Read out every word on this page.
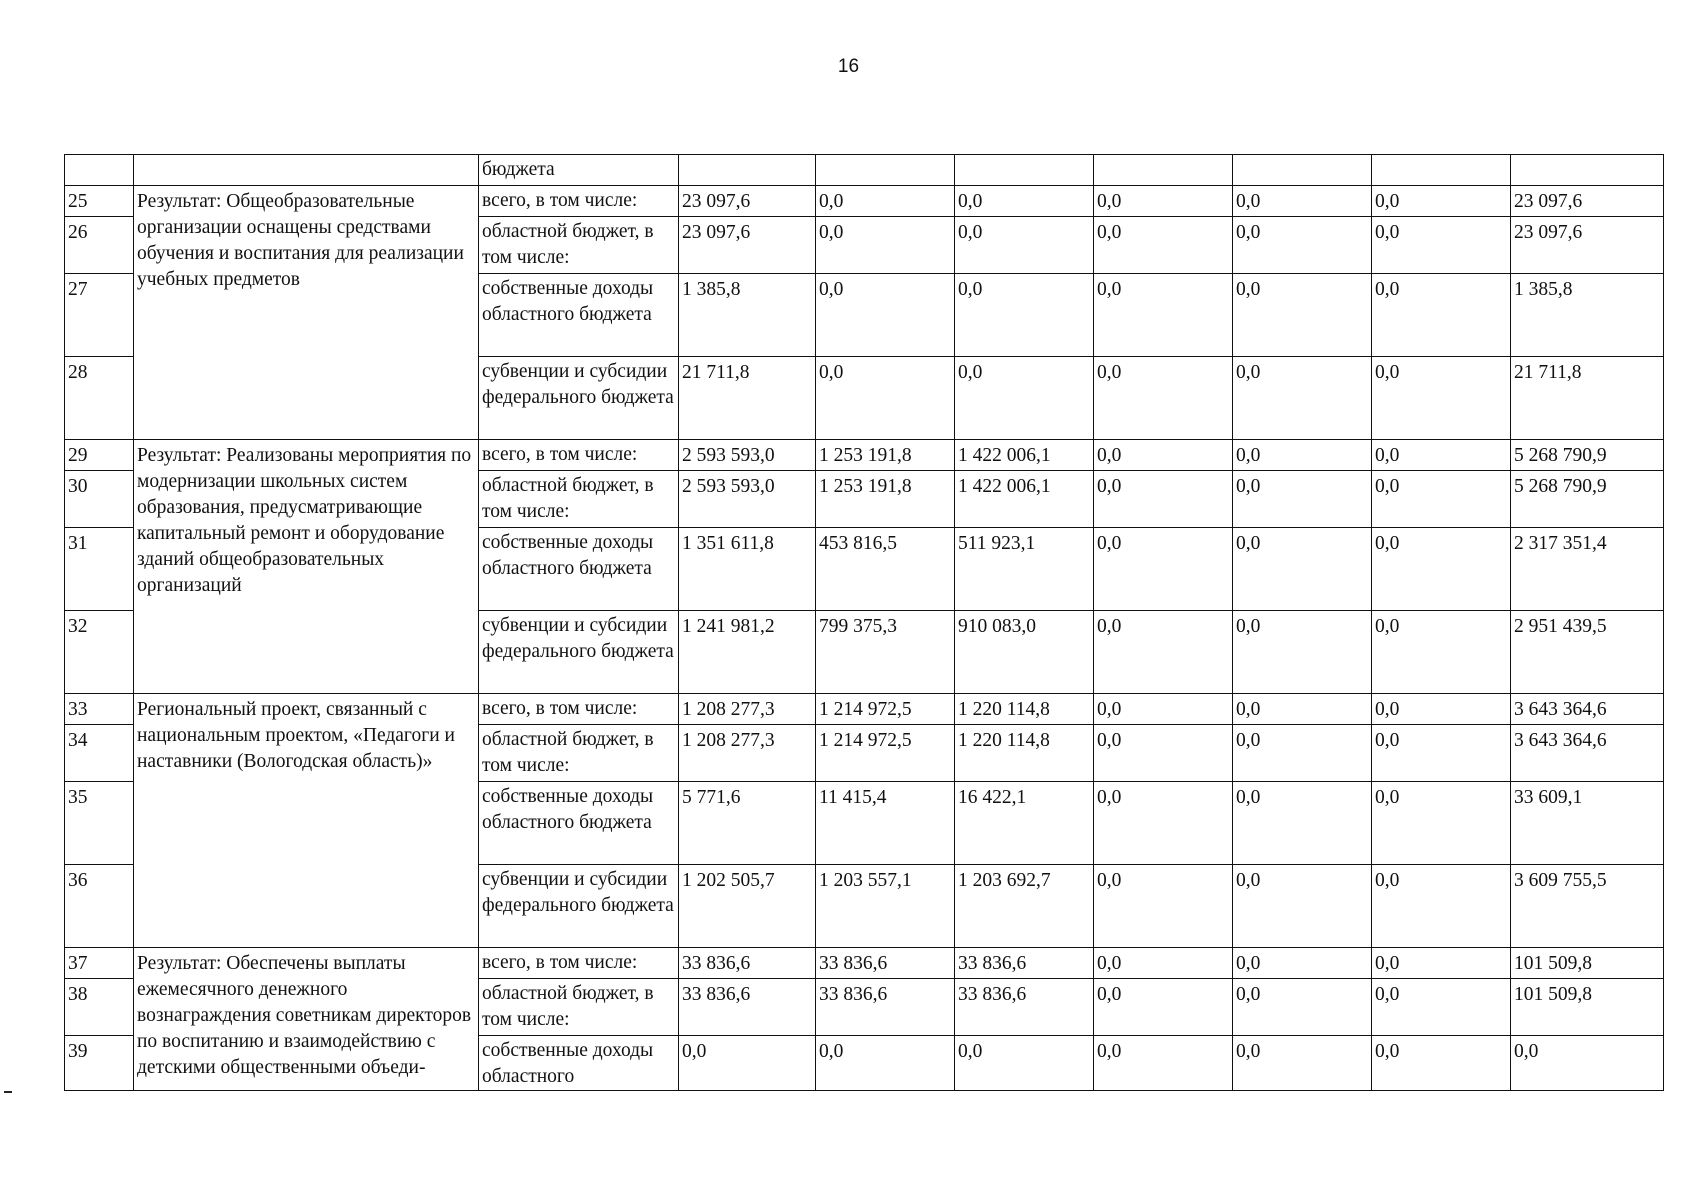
16
		бюджета							
25	Результат: Общеобразовательные организации оснащены средствами обучения и воспитания для реализации учебных предметов	всего, в том числе:	23 097,6	0,0	0,0	0,0	0,0	0,0	23 097,6
26		областной бюджет, в том числе:	23 097,6	0,0	0,0	0,0	0,0	0,0	23 097,6
27		собственные доходы областного бюджета	1 385,8	0,0	0,0	0,0	0,0	0,0	1 385,8
28		субвенции и субсидии федерального бюджета	21 711,8	0,0	0,0	0,0	0,0	0,0	21 711,8
29	Результат: Реализованы мероприятия по модернизации школьных систем образования, предусматривающие капитальный ремонт и оборудование зданий общеобразовательных организаций	всего, в том числе:	2 593 593,0	1 253 191,8	1 422 006,1	0,0	0,0	0,0	5 268 790,9
30		областной бюджет, в том числе:	2 593 593,0	1 253 191,8	1 422 006,1	0,0	0,0	0,0	5 268 790,9
31		собственные доходы областного бюджета	1 351 611,8	453 816,5	511 923,1	0,0	0,0	0,0	2 317 351,4
32		субвенции и субсидии федерального бюджета	1 241 981,2	799 375,3	910 083,0	0,0	0,0	0,0	2 951 439,5
33	Региональный проект, связанный с национальным проектом, «Педагоги и наставники (Вологодская область)»	всего, в том числе:	1 208 277,3	1 214 972,5	1 220 114,8	0,0	0,0	0,0	3 643 364,6
34		областной бюджет, в том числе:	1 208 277,3	1 214 972,5	1 220 114,8	0,0	0,0	0,0	3 643 364,6
35		собственные доходы областного бюджета	5 771,6	11 415,4	16 422,1	0,0	0,0	0,0	33 609,1
36		субвенции и субсидии федерального бюджета	1 202 505,7	1 203 557,1	1 203 692,7	0,0	0,0	0,0	3 609 755,5
37	Результат: Обеспечены выплаты ежемесячного денежного вознаграждения советникам директоров по воспитанию и взаимодействию с детскими общественными объеди-	всего, в том числе:	33 836,6	33 836,6	33 836,6	0,0	0,0	0,0	101 509,8
38		областной бюджет, в том числе:	33 836,6	33 836,6	33 836,6	0,0	0,0	0,0	101 509,8
39		собственные доходы областного	0,0	0,0	0,0	0,0	0,0	0,0	0,0
